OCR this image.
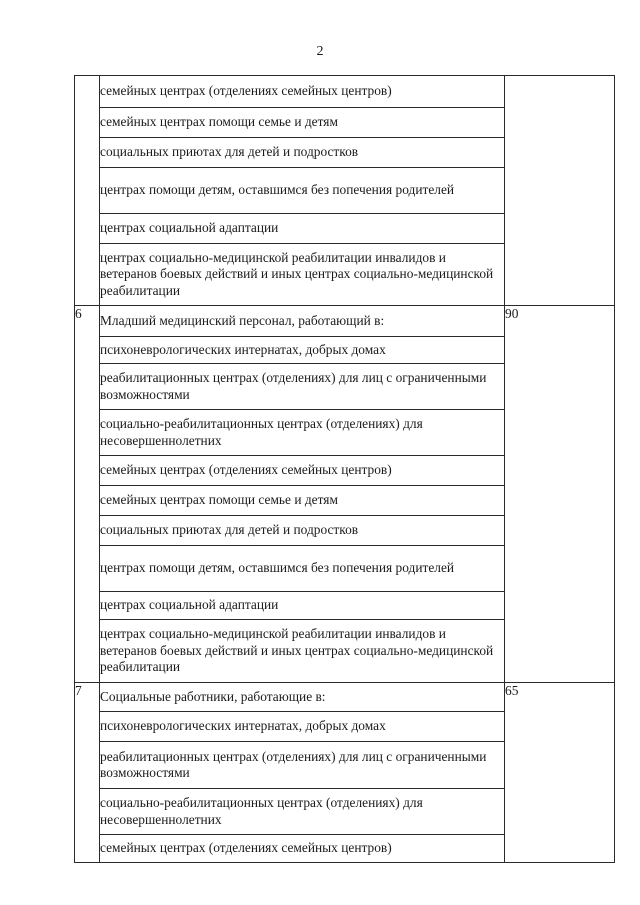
2

	семейных центрах (отделениях семейных центров)	

	семейных центрах помощи семье и детям	

	социальных приютах для детей и подростков	

	центрах помощи детям, оставшимся без попечения родителей	

	центрах социальной адаптации	

	центрах социально-медицинской реабилитации инвалидов и ветеранов боевых действий и иных центрах социально-медицинской реабилитации	

6	Младший медицинский персонал, работающий в:	90

	психоневрологических интернатах, добрых домах	

	реабилитационных центрах (отделениях) для лиц с ограниченными возможностями	

	социально-реабилитационных центрах (отделениях) для несовершеннолетних	

	семейных центрах (отделениях семейных центров)	

	семейных центрах помощи семье и детям	

	социальных приютах для детей и подростков	

	центрах помощи детям, оставшимся без попечения родителей	

	центрах социальной адаптации	

	центрах социально-медицинской реабилитации инвалидов и ветеранов боевых действий и иных центрах социально-медицинской реабилитации	

7	Социальные работники, работающие в:	65

	психоневрологических интернатах, добрых домах	

	реабилитационных центрах (отделениях) для лиц с ограниченными возможностями	

	социально-реабилитационных центрах (отделениях) для несовершеннолетних	

	семейных центрах (отделениях семейных центров)	
